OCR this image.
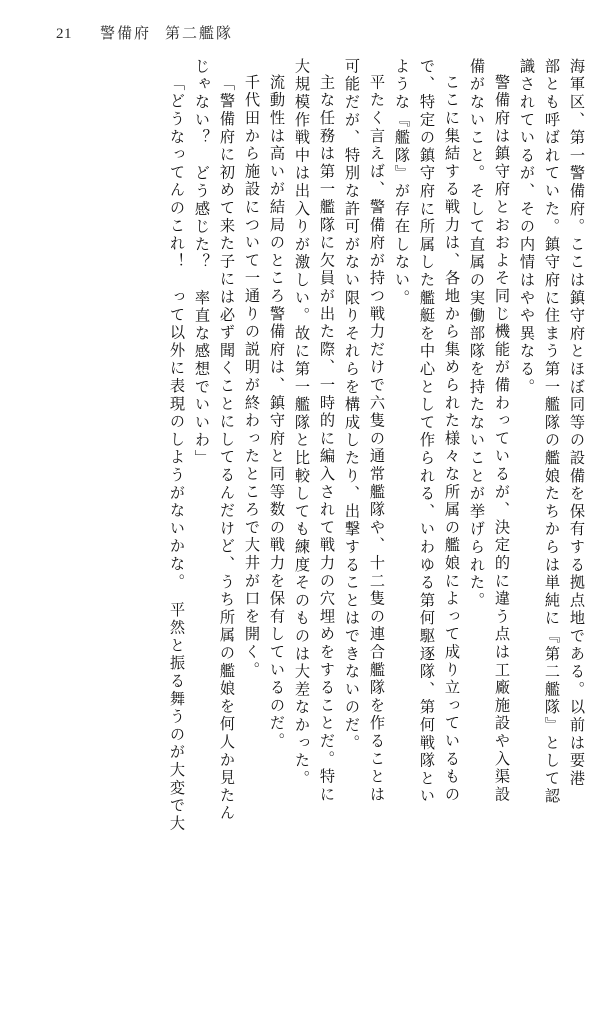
21 警備府 第二艦隊
海軍区、第一警備府。ここは鎮守府とほぼ同等の設備を保有する拠点地である。以前は要港
部とも呼ばれていた。鎮守府に住まう第一艦隊の艦娘たちからは単純に『第二艦隊』として認
識されているが、その内情はやや異なる。
警備府は鎮守府とおおよそ同じ機能が備わっているが、決定的に違う点は工廠施設や入渠設
備がないこと。そして直属の実働部隊を持たないことが挙げられた。
ここに集結する戦力は、各地から集められた様々な所属の艦娘によって成り立っているもの
で、特定の鎮守府に所属した艦艇を中心として作られる、いわゆる第何駆逐隊、第何戦隊とい
ような『艦隊』が存在しない。
平たく言えば、警備府が持つ戦力だけで六隻の通常艦隊や、十二隻の連合艦隊を作ることは
可能だが、特別な許可がない限りそれらを構成したり、出撃することはできないのだ。
主な任務は第一艦隊に欠員が出た際、一時的に編入されて戦力の穴埋めをすることだ。特に
大規模作戦中は出入りが激しい。故に第一艦隊と比較しても練度そのものは大差なかった。
流動性は高いが結局のところ警備府は、鎮守府と同等数の戦力を保有しているのだ。
千代田から施設について一通りの説明が終わったところで大井が口を開く。
「警備府に初めて来た子には必ず聞くことにしてるんだけど、うち所属の艦娘を何人か見たん
じゃない？　どう感じた？　率直な感想でいいわ」
「どうなってんのこれ！　って以外に表現のしようがないかな。　平然と振る舞うのが大変で大
